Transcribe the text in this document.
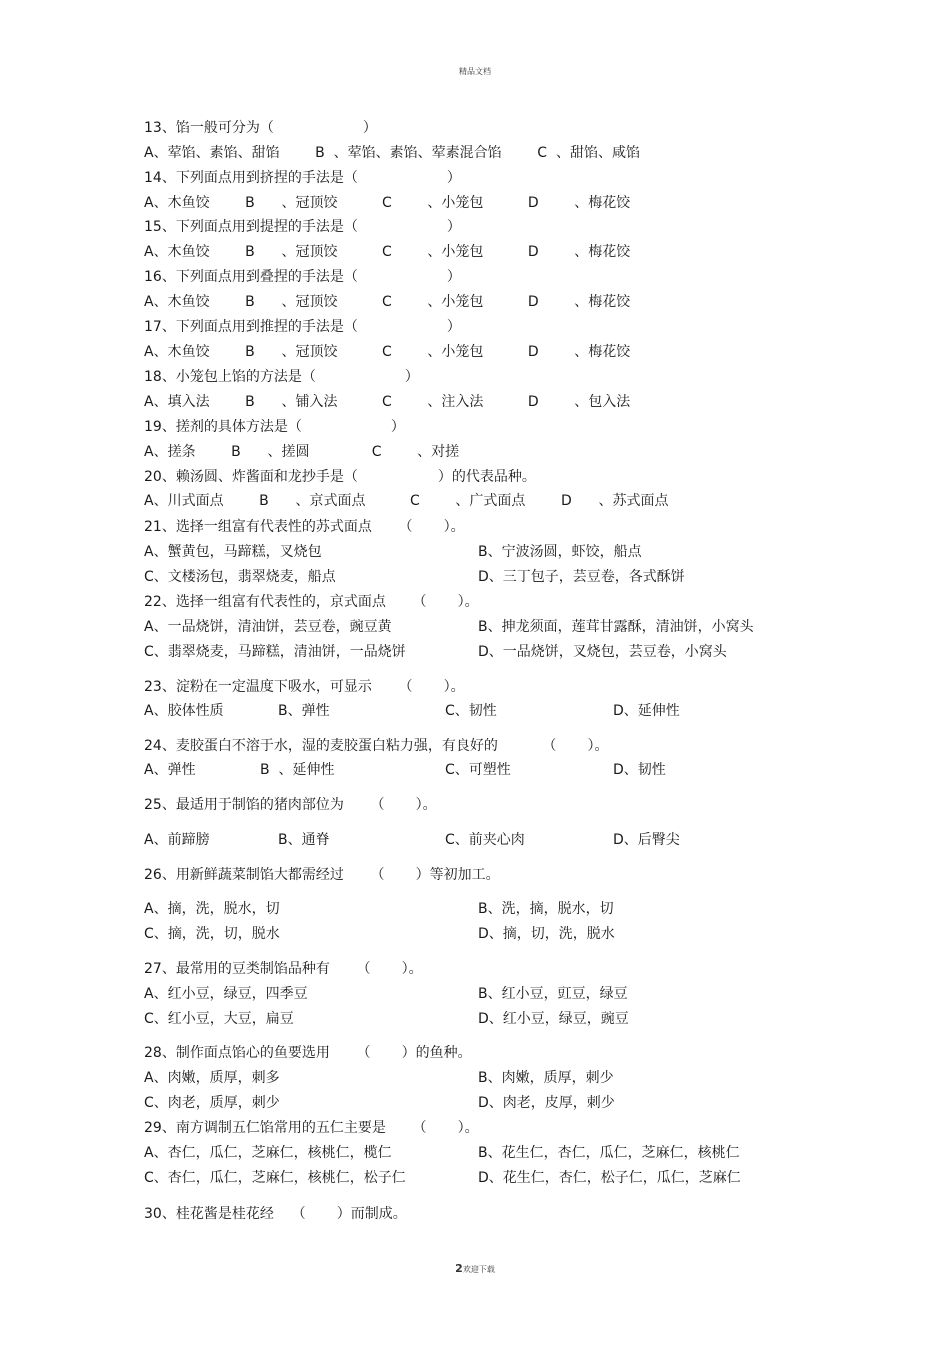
精品文档
13、馅一般可分为（                    ）
A、荤馅、素馅、甜馅        B  、荤馅、素馅、荤素混合馅        C  、甜馅、咸馅
14、下列面点用到挤捏的手法是（                    ）
A、木鱼饺        B      、冠顶饺          C        、小笼包          D        、梅花饺
15、下列面点用到提捏的手法是（                    ）
A、木鱼饺        B      、冠顶饺          C        、小笼包          D        、梅花饺
16、下列面点用到叠捏的手法是（                    ）
A、木鱼饺        B      、冠顶饺          C        、小笼包          D        、梅花饺
17、下列面点用到推捏的手法是（                    ）
A、木鱼饺        B      、冠顶饺          C        、小笼包          D        、梅花饺
18、小笼包上馅的方法是（                    ）
A、填入法        B      、铺入法          C        、注入法          D        、包入法
19、搓剂的具体方法是（                    ）
A、搓条        B      、搓圆              C        、对搓
20、赖汤圆、炸酱面和龙抄手是（                  ）的代表品种。
A、川式面点        B      、京式面点          C        、广式面点        D      、苏式面点
21、选择一组富有代表性的苏式面点      （       ）。
A、蟹黄包，马蹄糕，叉烧包	B、宁波汤圆，虾饺，船点
C、文楼汤包，翡翠烧麦，船点	D、三丁包子，芸豆卷，各式酥饼
22、选择一组富有代表性的，京式面点      （       ）。
A、一品烧饼，清油饼，芸豆卷，豌豆黄	B、抻龙须面，莲茸甘露酥，清油饼，小窝头
C、翡翠烧麦，马蹄糕，清油饼，一品烧饼	D、一品烧饼，叉烧包，芸豆卷，小窝头
23、淀粉在一定温度下吸水，可显示      （       ）。
A、胶体性质	B、弹性	C、韧性	D、延伸性
24、麦胶蛋白不溶于水，湿的麦胶蛋白粘力强，有良好的          （       ）。
A、弹性	B  、延伸性	C、可塑性	D、韧性
25、最适用于制馅的猪肉部位为      （       ）。
A、前蹄膀	B、通脊	C、前夹心肉	D、后臀尖
26、用新鲜蔬菜制馅大都需经过      （       ）等初加工。
A、摘，洗，脱水，切	B、洗，摘，脱水，切
C、摘，洗，切，脱水	D、摘，切，洗，脱水
27、最常用的豆类制馅品种有      （       ）。
A、红小豆，绿豆，四季豆	B、红小豆，豇豆，绿豆
C、红小豆，大豆，扁豆	D、红小豆，绿豆，豌豆
28、制作面点馅心的鱼要选用      （       ）的鱼种。
A、肉嫩，质厚，刺多	B、肉嫩，质厚，刺少
C、肉老，质厚，刺少	D、肉老，皮厚，刺少
29、南方调制五仁馅常用的五仁主要是      （       ）。
A、杏仁，瓜仁，芝麻仁，核桃仁，榄仁	B、花生仁，杏仁，瓜仁，芝麻仁，核桃仁
C、杏仁，瓜仁，芝麻仁，核桃仁，松子仁	D、花生仁，杏仁，松子仁，瓜仁，芝麻仁
30、桂花酱是桂花经    （       ）而制成。
2欢迎下载
